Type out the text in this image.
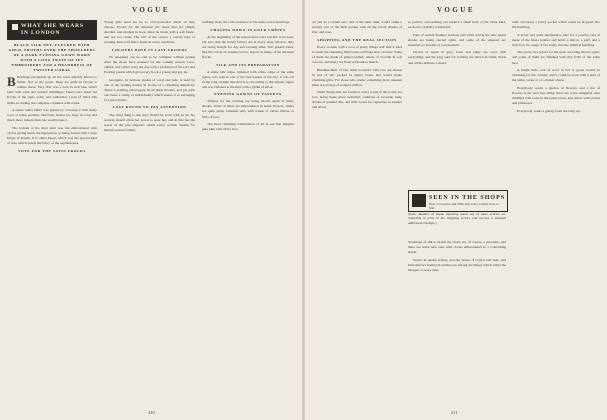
VOGUE
WHAT SHE WEARS
IN LONDON
BLACK SILK NET, FLECKED WITH GOLD, FROTHS OVER THE SHOULDERS OF A DARK EVENING GOWN WORN WITH A LONG TRAIN OF JET EMBROIDERY AND A HEADDRESS OF TWISTED CORAL

B Bobbing sub-monde up all the town amiably knows to finish. Not so the gown. Most are quite in favour to endure these. Very able was a note in rich blue velvet built with satin and beaded trimmings. There were sheer net frocks of the same order, and somewhat a pair of black silk tights in cluding the complete costumes with trains.

A rather odder effect was gained by covering it with many rows of white pearlies, which the bodice too large in color and much more mature than one would expect.

The bottom of the short skirt was rim embroidered with circles giving much the impression of being bound with a deep fringe of tassels. It is rather finest, which was the special kind of note which struck the fancy of the sophisticates.

VOTE FOR THE SATIN FROCKS

Young girls need not be so over-particular about all they choose. Frocks for the smartest set, those that are simply decided, and modern in look, must be made with a soft fabric, and not too crude. The rest of the season a certain type of evening dress will find a home in every wardrobe.

COLOURS ROSE IN LAST CROWDS

No shopping can be said to be complete without seeing what the shops have planned for the coming season. Lace, chiffon and velvet carry the day with a profusion of flowers and floating panels which give every frock a young and gay air.

Georgette, in delicate shades of coral and jade, is used by one of the leading houses in frocks of a charming simplicity. There is nothing extravagant about these models, and yet each one bears a stamp of individuality which marks it as belonging to a great house.

LAST ROUND TO PAY ATTENTION

The chief thing is that they should be worn with an air. No woman should allow her gown to wear her, and in this lies the secret of the true elegance which every woman desires for herself and her family.

walking about the club exclusive at the same social mornings.

CHASING DOWN IN GOLD CRÊPES

At the beginning of the season there were but few to be seen, but now that the lovely fabrics are in every shop window, they are being bought for day and evening alike. Soft golden tones, like the colour of autumn leaves, appear in many of the smartest frocks.

SILK AND ITS PREPARATION

A white silk crêpe, trimmed with white strips of the same fabric, was seen in one of the best houses of the city; it was cut in the long straight line that is so becoming to the slender figure and was finished at the hips with a girdle of silver.

EVENING GOWNS OF TAFFETA

Taffetas for the evening are being shown again in many shades. Some of them are embroidered in small flowers, others are quite plain, trimmed only with bands of velvet ribbon or frills of lace.

The most charming combination of all is one that mingles pale pink with silver lace.

410
VOGUE

we just as a certain rule, and at the same time, would strike a strange sort of the little garden with all the lovely shades of lilac and rose.

SHOPPING AND THE REAL SECTION

Every woman with a love of pretty things will find it hard to resist the charming little boxes and bags now on view. Some of them are made of gilded leather, others of brocade in soft colours, and many are lined with silk to match.

Handkerchiefs of fine linen bordered with lace are shown in sets of six, packed in dainty boxes that would make charming gifts. For those who prefer something more unusual there are scarves of painted chiffon.

Small things that are found in every room of the house are now being made more beautiful; cushions of brocade, lamp shades of painted silk, and little boxes for cigarettes in enamel and silver.

so perfect, and nothing can replace a small item of the rarest kind, each one carefully considered.

Fans of ostrich feathers in black and white and in the new pastel shades are being carried again, and some of the smartest are mounted on handles of tortoiseshell.

Gloves of suède in grey, fawn and beige are worn with everything, and the long ones for evening are shown in white, black and all the delicate colours.

SEEN IN THE SHOPS
Hats, accessories and trifles that every woman loves to find
(Note: Readers of Vogue inquiring about any of these articles are requested to write to the shopping service and enclose a stamped addressed envelope.)

Stockings of silk to match the shoes are, of course, a necessity, and there are some new ones with clocks embroidered in a contrasting shade.

Scents in quaint bottles, powder boxes of crystal and jade, and little mirrors framed in enamel are among the things which tempt the shopper at every turn.

with, and leave a pretty pocket which could be dropped into the handbag.

A novel and quite inexpensive idea for a powder case is made of the finest leather and holds a mirror, a puff, and a little box for rouge; it fits easily into the smallest handbag.

The pretty lace jabots for the neck are being shown again, and some of them are finished with tiny frills of the same lace.

A bright little coat of wool in red or green would be charming for the country, and it could be worn with a skirt of the same colour or of a darker shade.

Everybody wants a garden of flowers, and a hat of flowers is the next best thing; there are some delightful ones trimmed with roses in the palest tones, and others with violets and primroses.

Everybody wants a gaiety, from the baby up.

411
